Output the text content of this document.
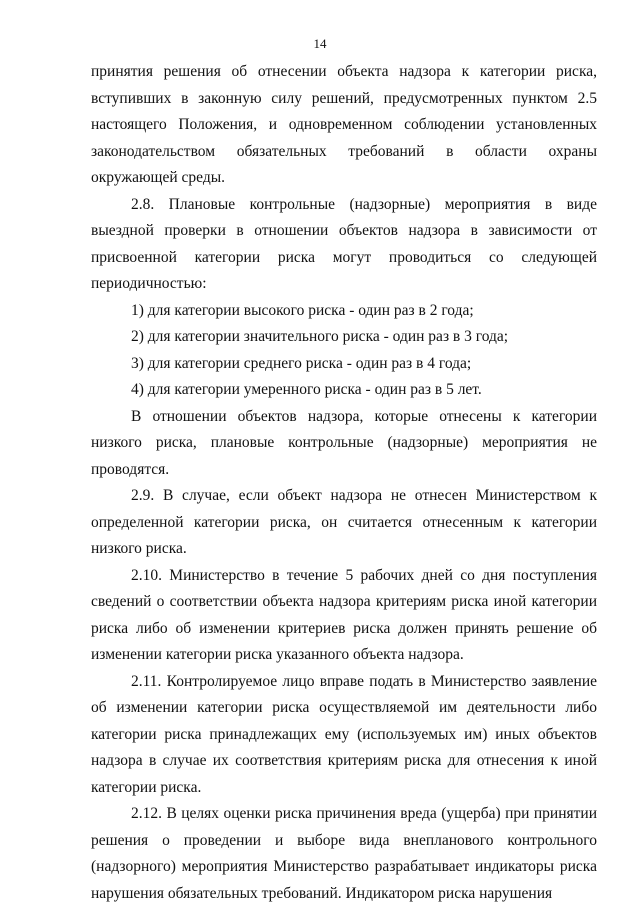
14

принятия решения об отнесении объекта надзора к категории риска, вступивших в законную силу решений, предусмотренных пунктом 2.5 настоящего Положения, и одновременном соблюдении установленных законодательством обязательных требований в области охраны окружающей среды.

2.8. Плановые контрольные (надзорные) мероприятия в виде выездной проверки в отношении объектов надзора в зависимости от присвоенной категории риска могут проводиться со следующей периодичностью:

1) для категории высокого риска - один раз в 2 года;

2) для категории значительного риска - один раз в 3 года;

3) для категории среднего риска - один раз в 4 года;

4) для категории умеренного риска - один раз в 5 лет.

В отношении объектов надзора, которые отнесены к категории низкого риска, плановые контрольные (надзорные) мероприятия не проводятся.

2.9. В случае, если объект надзора не отнесен Министерством к определенной категории риска, он считается отнесенным к категории низкого риска.

2.10. Министерство в течение 5 рабочих дней со дня поступления сведений о соответствии объекта надзора критериям риска иной категории риска либо об изменении критериев риска должен принять решение об изменении категории риска указанного объекта надзора.

2.11. Контролируемое лицо вправе подать в Министерство заявление об изменении категории риска осуществляемой им деятельности либо категории риска принадлежащих ему (используемых им) иных объектов надзора в случае их соответствия критериям риска для отнесения к иной категории риска.

2.12. В целях оценки риска причинения вреда (ущерба) при принятии решения о проведении и выборе вида внепланового контрольного (надзорного) мероприятия Министерство разрабатывает индикаторы риска нарушения обязательных требований. Индикатором риска нарушения
